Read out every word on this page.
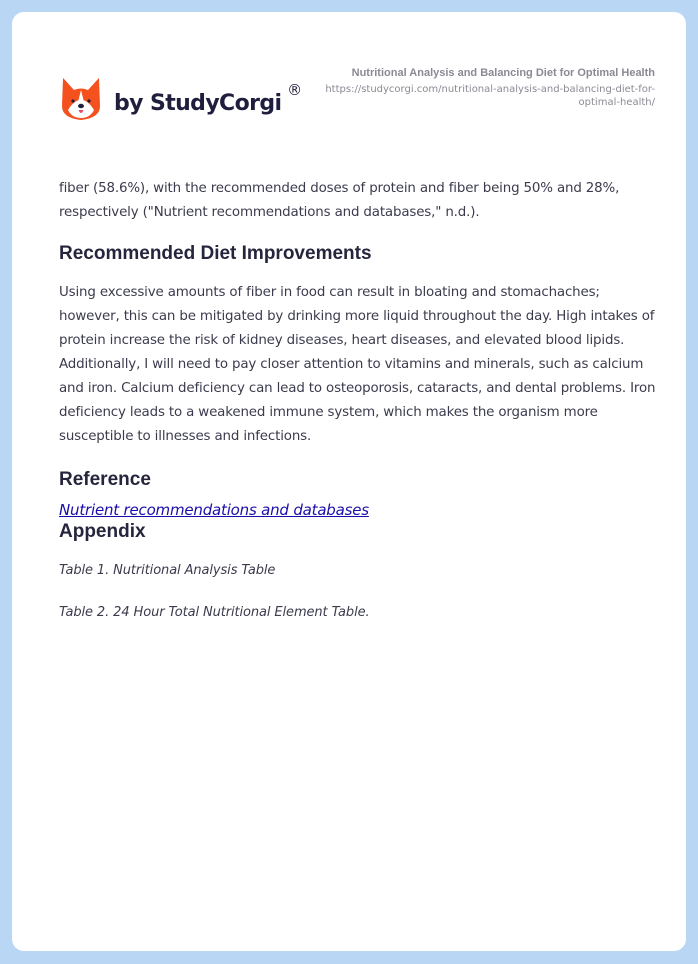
by StudyCorgi
®
Nutritional Analysis and Balancing Diet for Optimal Health
https://studycorgi.com/nutritional-analysis-and-balancing-diet-for-optimal-health/

fiber (58.6%), with the recommended doses of protein and fiber being 50% and 28%, respectively ("Nutrient recommendations and databases," n.d.).

Recommended Diet Improvements

Using excessive amounts of fiber in food can result in bloating and stomachaches; however, this can be mitigated by drinking more liquid throughout the day. High intakes of protein increase the risk of kidney diseases, heart diseases, and elevated blood lipids. Additionally, I will need to pay closer attention to vitamins and minerals, such as calcium and iron. Calcium deficiency can lead to osteoporosis, cataracts, and dental problems. Iron deficiency leads to a weakened immune system, which makes the organism more susceptible to illnesses and infections.

Reference
Nutrient recommendations and databases
Appendix
Table 1. Nutritional Analysis Table
Table 2. 24 Hour Total Nutritional Element Table.
